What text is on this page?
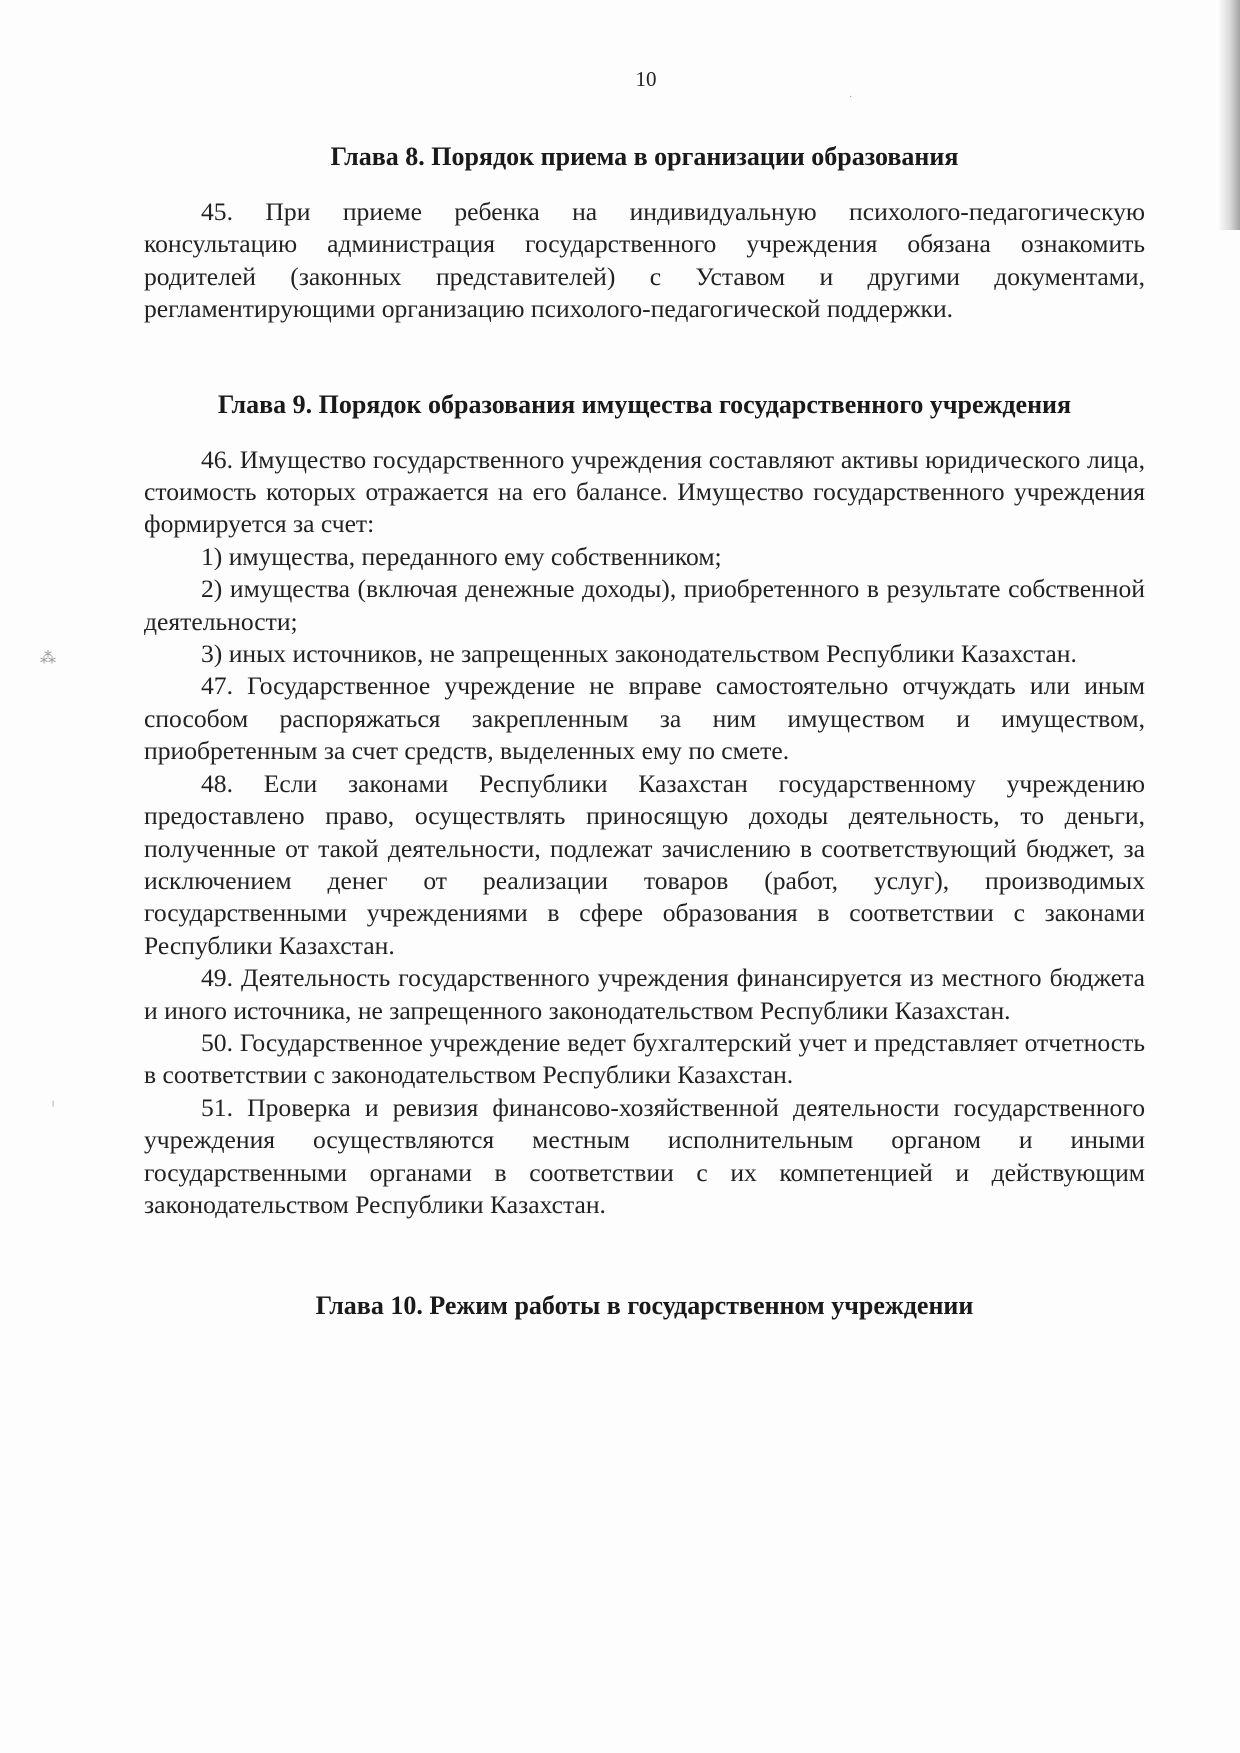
10
Глава 8. Порядок приема в организации образования

45. При приеме ребенка на индивидуальную психолого-педагогическую консультацию администрация государственного учреждения обязана ознакомить родителей (законных представителей) с Уставом и другими документами, регламентирующими организацию психолого-педагогической поддержки.

Глава 9. Порядок образования имущества государственного учреждения

46. Имущество государственного учреждения составляют активы юридического лица, стоимость которых отражается на его балансе. Имущество государственного учреждения формируется за счет:

1) имущества, переданного ему собственником;

2) имущества (включая денежные доходы), приобретенного в результате собственной деятельности;

3) иных источников, не запрещенных законодательством Республики Казахстан.

47. Государственное учреждение не вправе самостоятельно отчуждать или иным способом распоряжаться закрепленным за ним имуществом и имуществом, приобретенным за счет средств, выделенных ему по смете.

48. Если законами Республики Казахстан государственному учреждению предоставлено право, осуществлять приносящую доходы деятельность, то деньги, полученные от такой деятельности, подлежат зачислению в соответствующий бюджет, за исключением денег от реализации товаров (работ, услуг), производимых государственными учреждениями в сфере образования в соответствии с законами Республики Казахстан.

49. Деятельность государственного учреждения финансируется из местного бюджета и иного источника, не запрещенного законодательством Республики Казахстан.

50. Государственное учреждение ведет бухгалтерский учет и представляет отчетность в соответствии с законодательством Республики Казахстан.

51. Проверка и ревизия финансово-хозяйственной деятельности государственного учреждения осуществляются местным исполнительным органом и иными государственными органами в соответствии с их компетенцией и действующим законодательством Республики Казахстан.

Глава 10. Режим работы в государственном учреждении
⁂
╵
·
